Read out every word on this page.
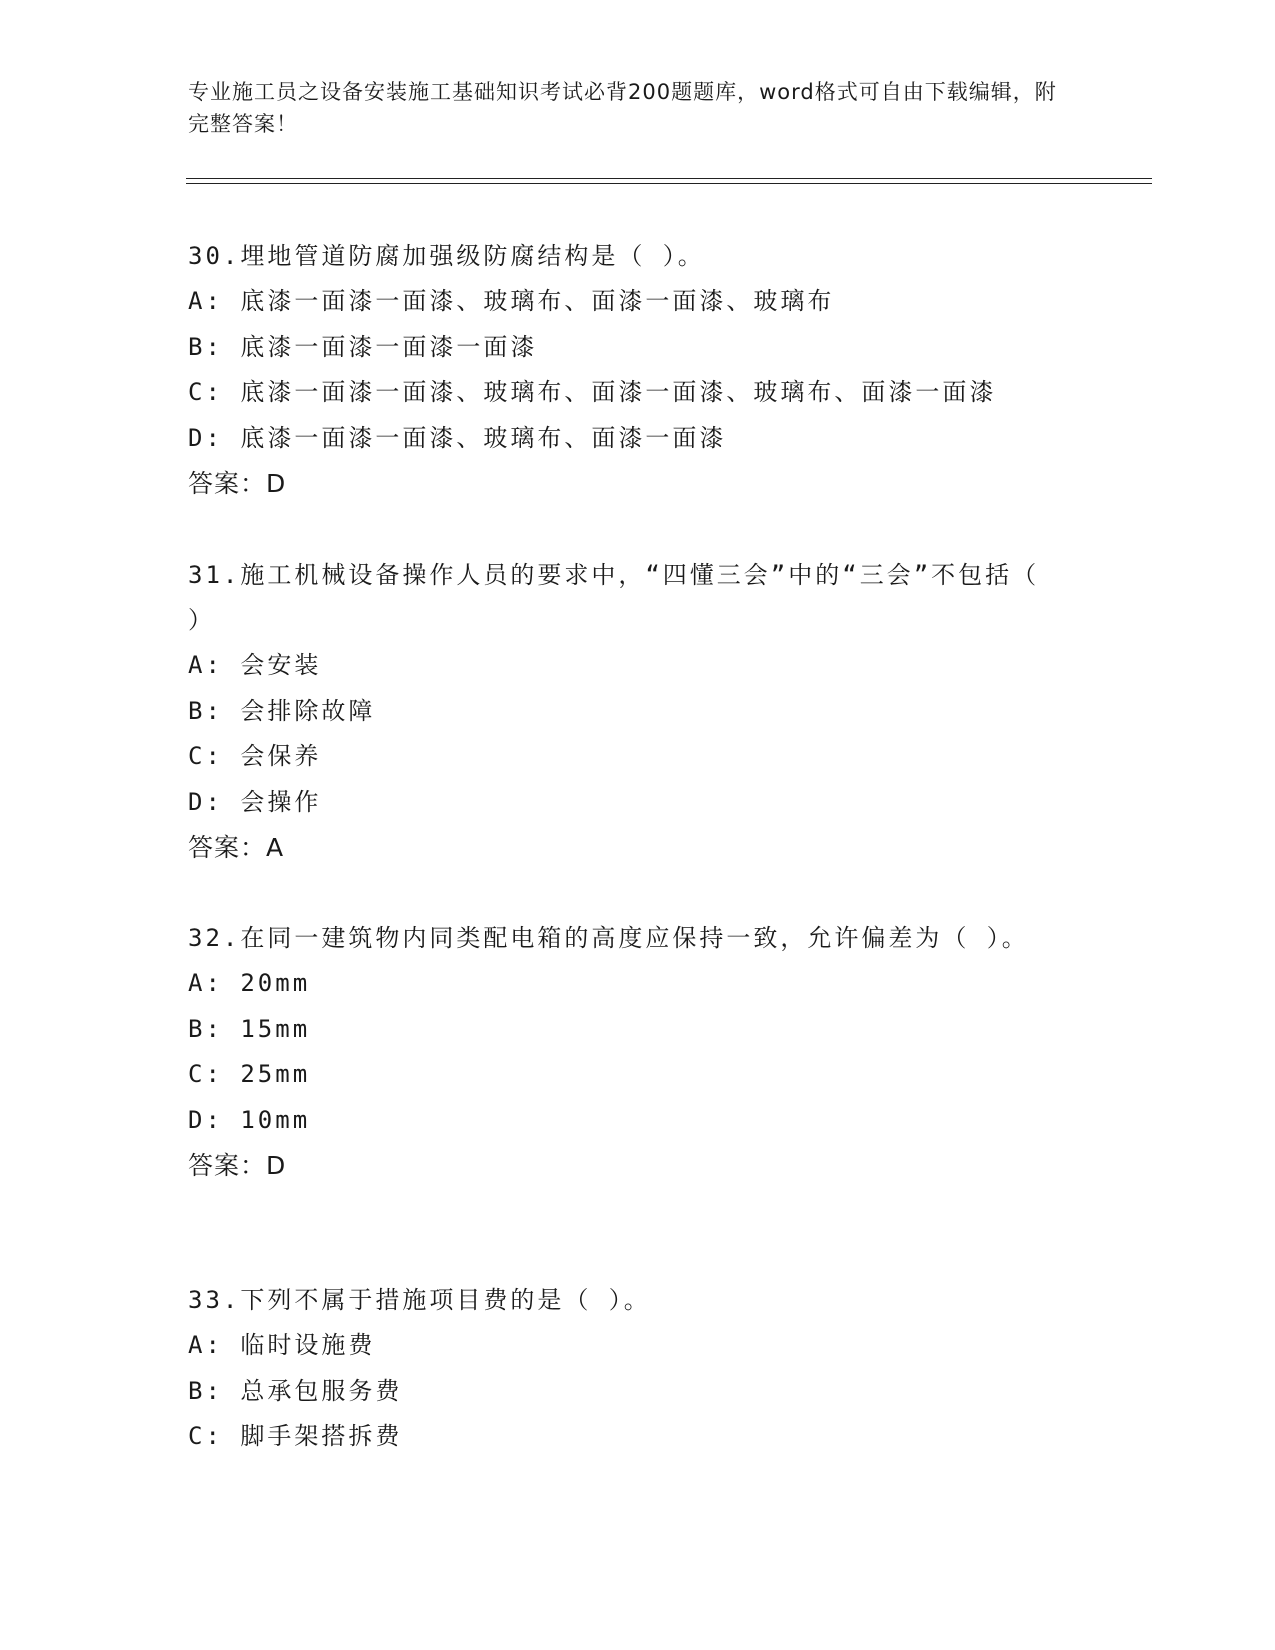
专业施工员之设备安装施工基础知识考试必背200题题库，word格式可自由下载编辑，附完整答案！

30.埋地管道防腐加强级防腐结构是（ ）。

A: 底漆一面漆一面漆、玻璃布、面漆一面漆、玻璃布

B: 底漆一面漆一面漆一面漆

C: 底漆一面漆一面漆、玻璃布、面漆一面漆、玻璃布、面漆一面漆

D: 底漆一面漆一面漆、玻璃布、面漆一面漆

答案：D

31.施工机械设备操作人员的要求中，“四懂三会”中的“三会”不包括（ ）

A: 会安装

B: 会排除故障

C: 会保养

D: 会操作

答案：A

32.在同一建筑物内同类配电箱的高度应保持一致，允许偏差为（ ）。

A: 20mm

B: 15mm

C: 25mm

D: 10mm

答案：D

33.下列不属于措施项目费的是（ ）。

A: 临时设施费

B: 总承包服务费

C: 脚手架搭拆费
